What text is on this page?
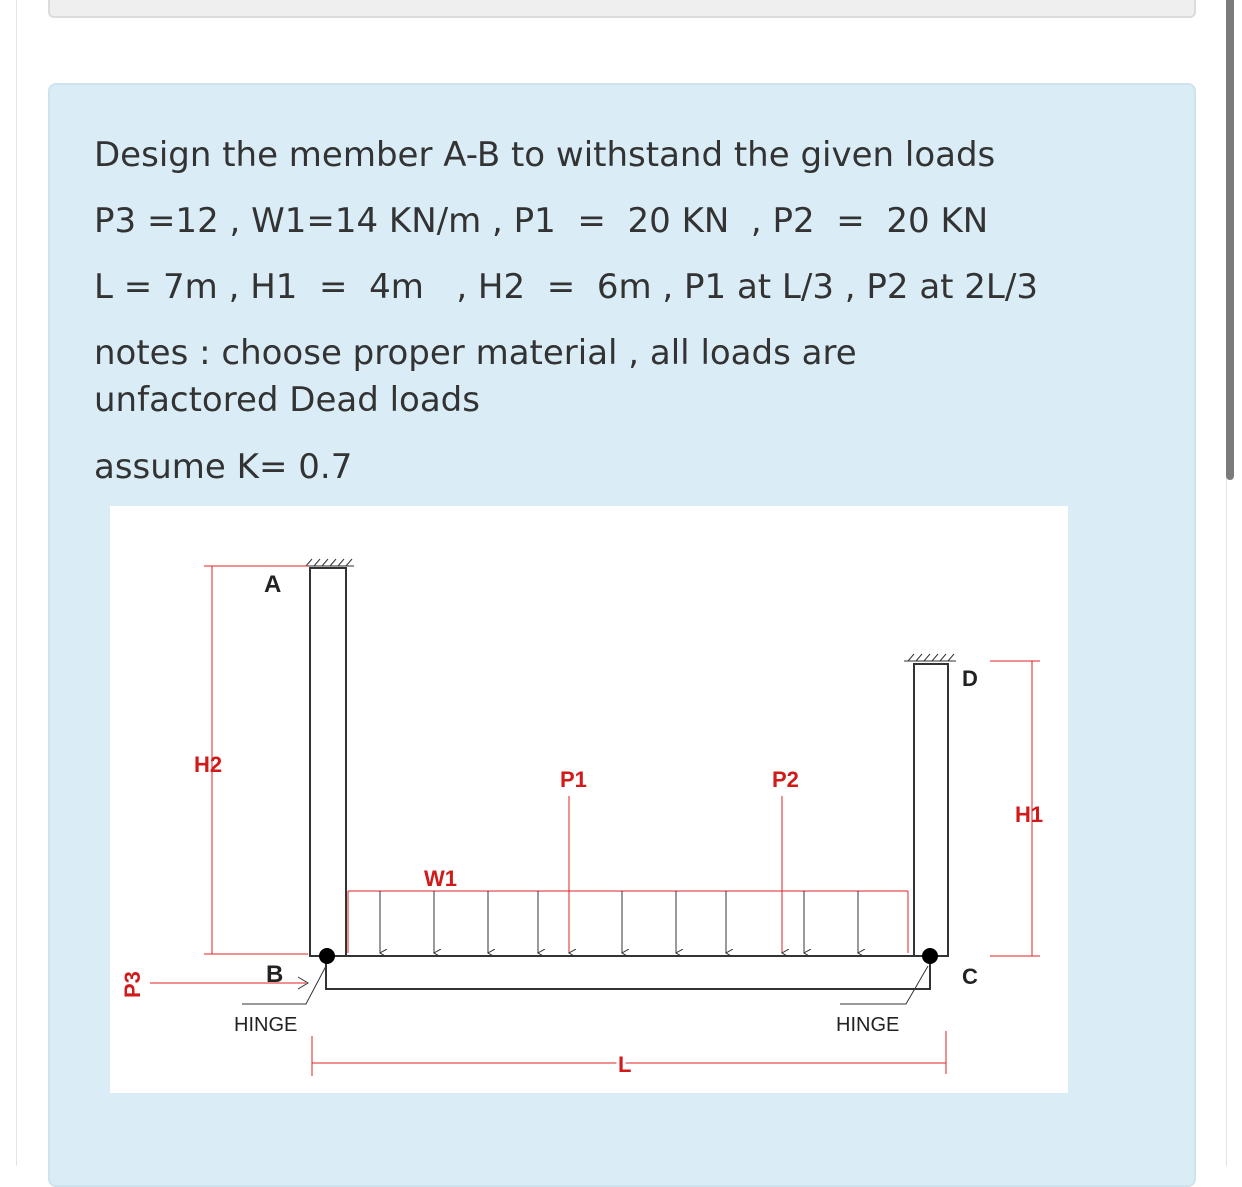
Design the member A-B to withstand the given loads
P3 =12 , W1=14 KN/m , P1  =  20 KN  , P2  =  20 KN
L = 7m , H1  =  4m   , H2  =  6m , P1 at L/3 , P2 at 2L/3
notes : choose proper material , all loads are
unfactored Dead loads
assume K= 0.7
A
B	C
D
H2
H1
P1	P2
W1
P3
L
HINGE	HINGE
